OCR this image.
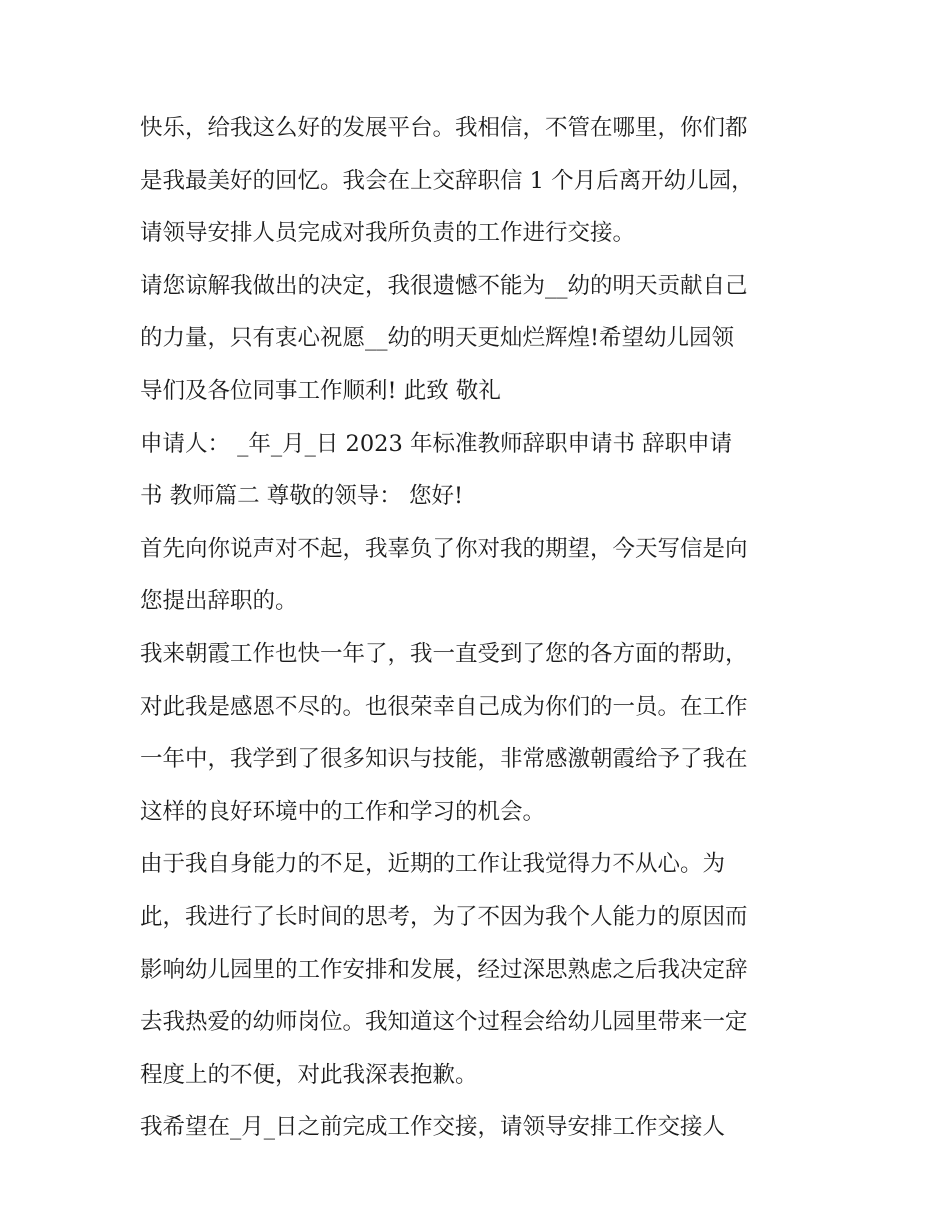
快乐，给我这么好的发展平台。我相信，不管在哪里，你们都
是我最美好的回忆。我会在上交辞职信 1 个月后离开幼儿园，
请领导安排人员完成对我所负责的工作进行交接。
请您谅解我做出的决定，我很遗憾不能为__幼的明天贡献自己
的力量，只有衷心祝愿__幼的明天更灿烂辉煌!希望幼儿园领
导们及各位同事工作顺利! 此致 敬礼
申请人： _年_月_日 2023 年标准教师辞职申请书 辞职申请
书 教师篇二 尊敬的领导： 您好!
首先向你说声对不起，我辜负了你对我的期望，今天写信是向
您提出辞职的。
我来朝霞工作也快一年了，我一直受到了您的各方面的帮助，
对此我是感恩不尽的。也很荣幸自己成为你们的一员。在工作
一年中，我学到了很多知识与技能，非常感激朝霞给予了我在
这样的良好环境中的工作和学习的机会。
由于我自身能力的不足，近期的工作让我觉得力不从心。为
此，我进行了长时间的思考，为了不因为我个人能力的原因而
影响幼儿园里的工作安排和发展，经过深思熟虑之后我决定辞
去我热爱的幼师岗位。我知道这个过程会给幼儿园里带来一定
程度上的不便，对此我深表抱歉。
我希望在_月_日之前完成工作交接，请领导安排工作交接人
